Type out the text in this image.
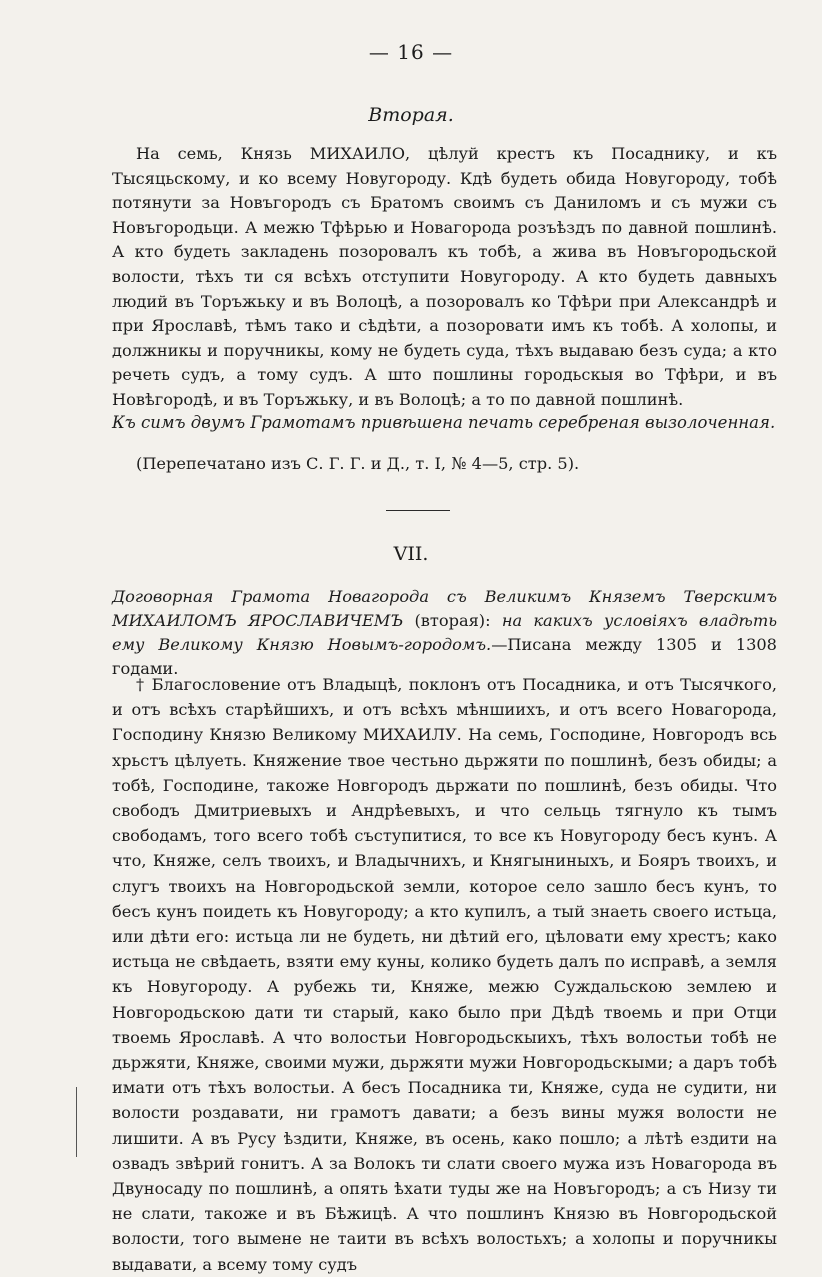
— 16 —
Вторая.
На семь, Князь МИХАИЛО, цѣлуй крестъ къ Посаднику, и къ Тысяцьскому, и ко всему Новугороду. Кдѣ будеть обида Новугороду, тобѣ потянути за Новъгородъ съ Братомъ своимъ съ Даниломъ и съ мужи съ Новъгородьци. А межю Тфѣрью и Новагорода розъѣздъ по давной пошлинѣ. А кто будеть закладень позоровалъ къ тобѣ, а жива въ Новъгородьской волости, тѣхъ ти ся всѣхъ отступити Новугороду. А кто будеть давныхъ людий въ Торъжьку и въ Волоцѣ, а позоровалъ ко Тфѣри при Александрѣ и при Ярославѣ, тѣмъ тако и сѣдѣти, а позоровати имъ къ тобѣ. А холопы, и должникы и поручникы, кому не будеть суда, тѣхъ выдаваю безъ суда; а кто речеть судъ, а тому судъ. А што пошлины городьскыя во Тфѣри, и въ Новѣгородѣ, и въ Торъжьку, и въ Волоцѣ; а то по давной пошлинѣ.
Къ симъ двумъ Грамотамъ привѣшена печать серебреная вызолоченная.
(Перепечатано изъ С. Г. Г. и Д., т. I, № 4—5, стр. 5).
VII.
Договорная Грамота Новагорода съ Великимъ Княземъ Тверскимъ МИХАИЛОМЪ ЯРОСЛАВИЧЕМЪ (вторая): на какихъ условіяхъ владѣть ему Великому Князю Новымъ-городомъ.—Писана между 1305 и 1308 годами.
† Благословение отъ Владыцѣ, поклонъ отъ Посадника, и отъ Тысячкого, и отъ всѣхъ старѣйшихъ, и отъ всѣхъ мѣншиихъ, и отъ всего Новагорода, Господину Князю Великому МИХАИЛУ. На семь, Господине, Новгородъ всь хрьстъ цѣлуеть. Княжение твое честьно дьржяти по пошлинѣ, безъ обиды; а тобѣ, Господине, такоже Новгородъ дьржати по пошлинѣ, безъ обиды. Что свободъ Дмитриевыхъ и Андрѣевыхъ, и что сельць тягнуло къ тымъ свободамъ, того всего тобѣ съступитися, то все къ Новугороду бесъ кунъ. А что, Княже, селъ твоихъ, и Владычнихъ, и Княгыниныхъ, и Бояръ твоихъ, и слугъ твоихъ на Новгородьской земли, которое село зашло бесъ кунъ, то бесъ кунъ поидеть къ Новугороду; а кто купилъ, а тый знаеть своего истьца, или дѣти его: истьца ли не будеть, ни дѣтий его, цѣловати ему хрестъ; како истьца не свѣдаеть, взяти ему куны, колико будеть далъ по исправѣ, а земля къ Новугороду. А рубежь ти, Княже, межю Суждальскою землею и Новгородьскою дати ти старый, како было при Дѣдѣ твоемь и при Отци твоемь Ярославѣ. А что волостьи Новгородьскыихъ, тѣхъ волостьи тобѣ не дьржяти, Княже, своими мужи, дьржяти мужи Новгородьскыми; а даръ тобѣ имати отъ тѣхъ волостьи. А бесъ Посадника ти, Княже, суда не судити, ни волости роздавати, ни грамотъ давати; а безъ вины мужя волости не лишити. А въ Русу ѣздити, Княже, въ осень, како пошло; а лѣтѣ ездити на озвадъ звѣрий гонитъ. А за Волокъ ти слати своего мужа изъ Новагорода въ Двуносаду по пошлинѣ, а опять ѣхати туды же на Новъгородъ; а съ Низу ти не слати, такоже и въ Бѣжицѣ. А что пошлинъ Князю въ Новгородьской волости, того вымене не таити въ всѣхъ волостьхъ; а холопы и поручникы выдавати, а всему тому судъ
